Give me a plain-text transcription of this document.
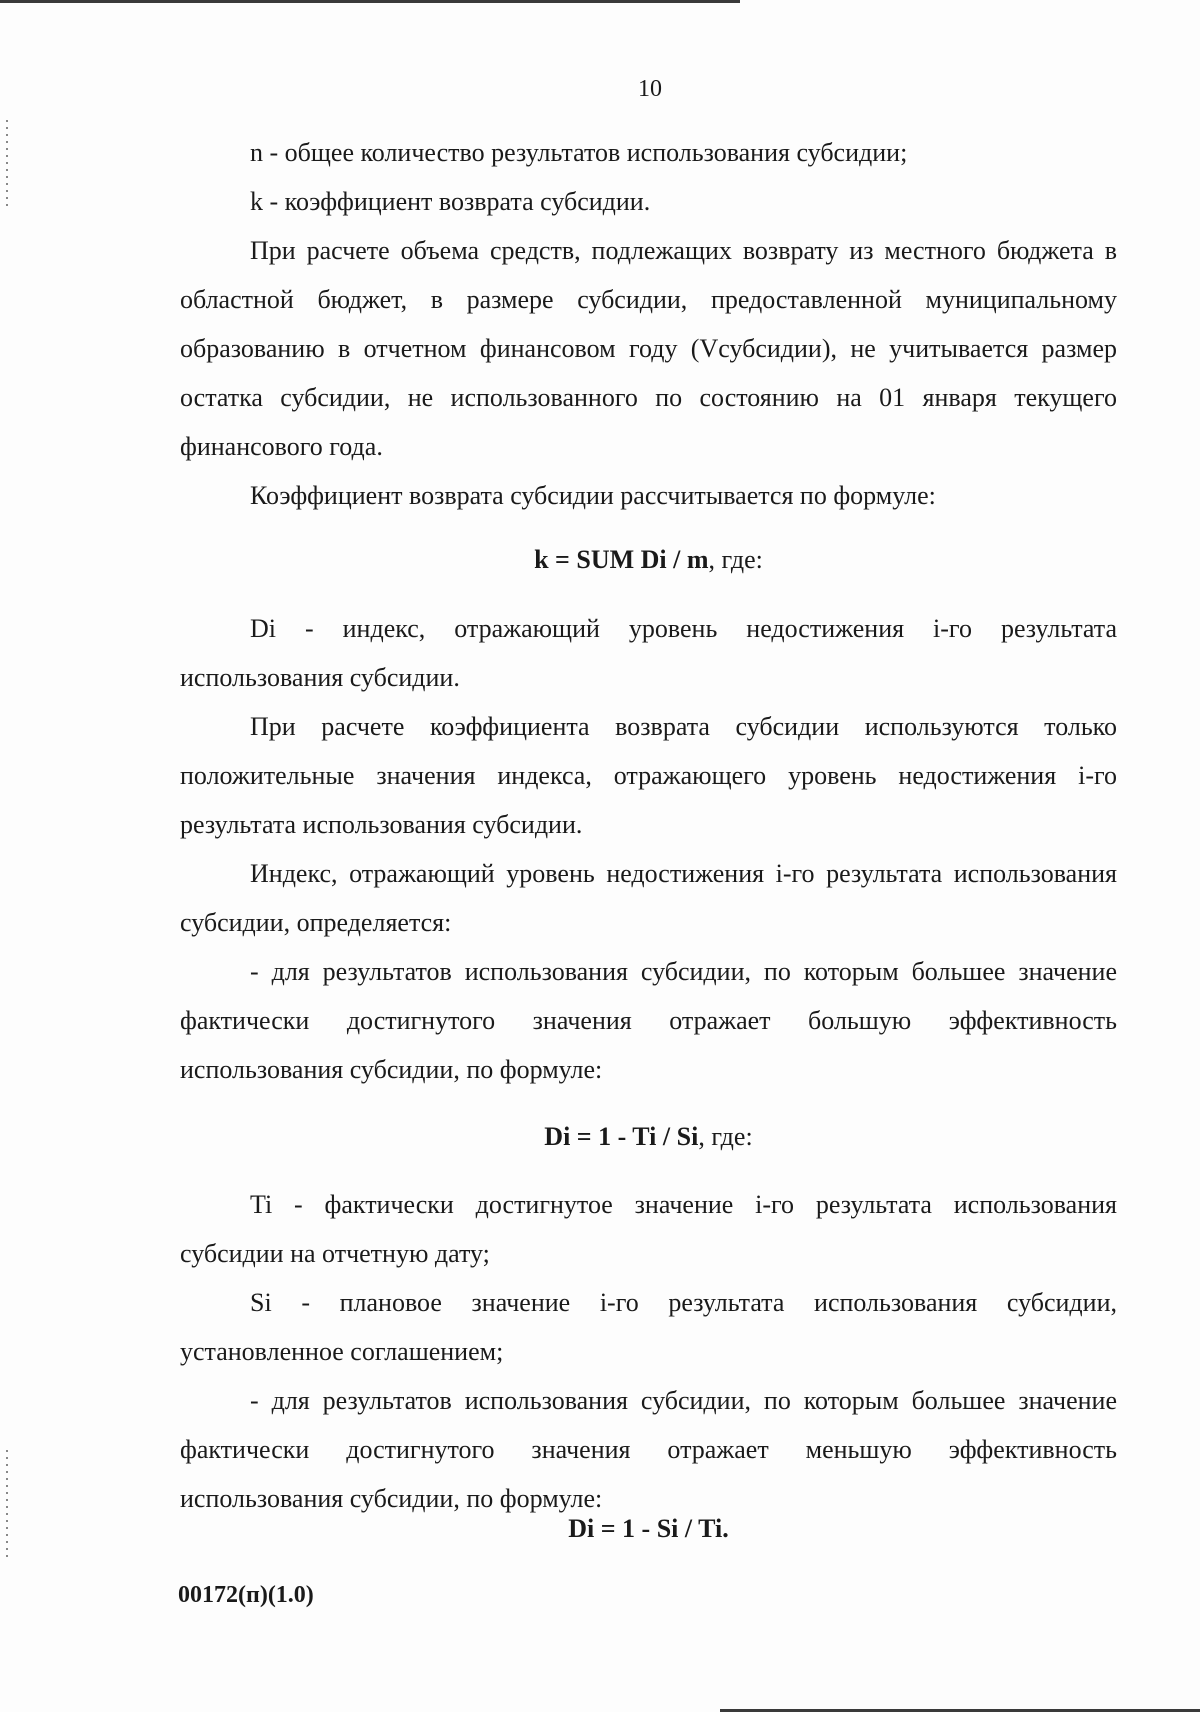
10

n - общее количество результатов использования субсидии;

k - коэффициент возврата субсидии.

При расчете объема средств, подлежащих возврату из местного бюджета в областной бюджет, в размере субсидии, предоставленной муниципальному образованию в отчетном финансовом году (Vсубсидии), не учитывается размер остатка субсидии, не использованного по состоянию на 01 января текущего финансового года.

Коэффициент возврата субсидии рассчитывается по формуле:

k = SUM Di / m, где:

Di - индекс, отражающий уровень недостижения i-го результата использования субсидии.

При расчете коэффициента возврата субсидии используются только положительные значения индекса, отражающего уровень недостижения i-го результата использования субсидии.

Индекс, отражающий уровень недостижения i-го результата использования субсидии, определяется:

- для результатов использования субсидии, по которым большее значение фактически достигнутого значения отражает большую эффективность использования субсидии, по формуле:

Di = 1 - Ti / Si, где:

Ti - фактически достигнутое значение i-го результата использования субсидии на отчетную дату;

Si - плановое значение i-го результата использования субсидии, установленное соглашением;

- для результатов использования субсидии, по которым большее значение фактически достигнутого значения отражает меньшую эффективность использования субсидии, по формуле:

Di = 1 - Si / Ti.
00172(п)(1.0)
